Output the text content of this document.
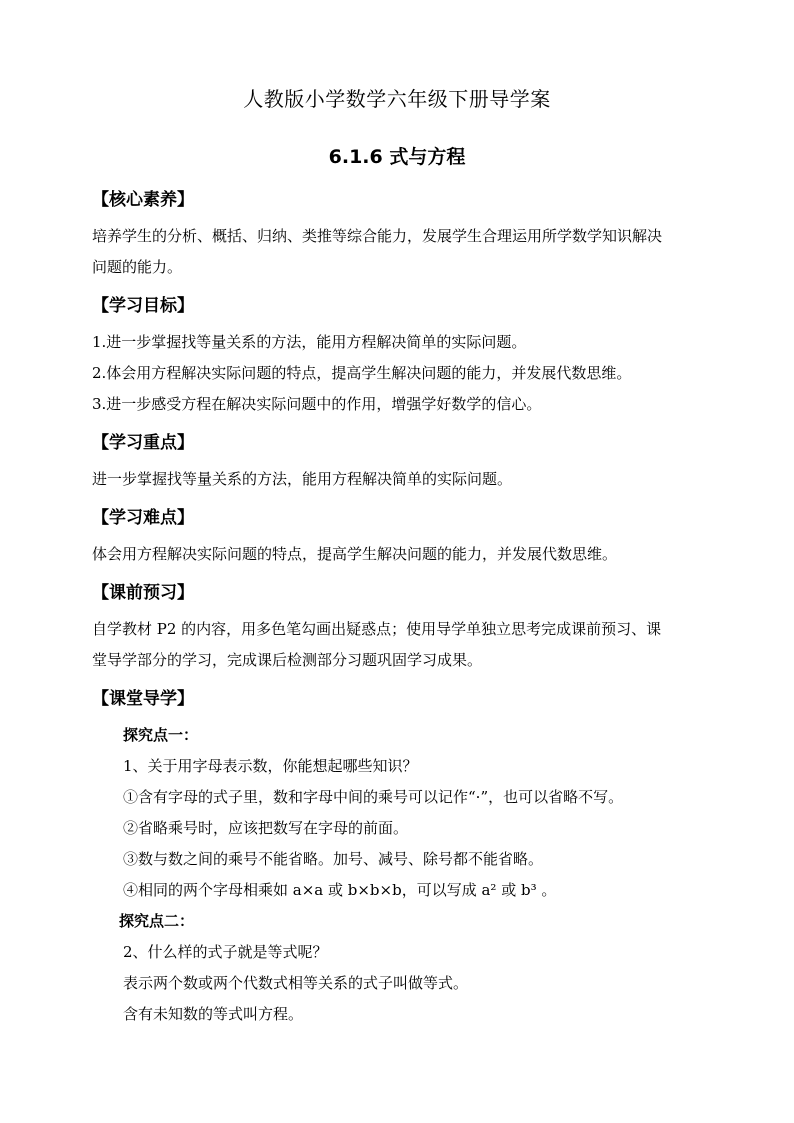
人教版小学数学六年级下册导学案
6.1.6 式与方程
【核心素养】

培养学生的分析、概括、归纳、类推等综合能力，发展学生合理运用所学数学知识解决

问题的能力。

【学习目标】

1.进一步掌握找等量关系的方法，能用方程解决简单的实际问题。

2.体会用方程解决实际问题的特点，提高学生解决问题的能力，并发展代数思维。

3.进一步感受方程在解决实际问题中的作用，增强学好数学的信心。

【学习重点】

进一步掌握找等量关系的方法，能用方程解决简单的实际问题。

【学习难点】

体会用方程解决实际问题的特点，提高学生解决问题的能力，并发展代数思维。

【课前预习】

自学教材 P2 的内容，用多色笔勾画出疑惑点；使用导学单独立思考完成课前预习、课

堂导学部分的学习，完成课后检测部分习题巩固学习成果。

【课堂导学】

探究点一：

1、关于用字母表示数，你能想起哪些知识？

①含有字母的式子里，数和字母中间的乘号可以记作“·”，也可以省略不写。

②省略乘号时，应该把数写在字母的前面。

③数与数之间的乘号不能省略。加号、减号、除号都不能省略。

④相同的两个字母相乘如 a×a 或 b×b×b，可以写成 a² 或 b³ 。

探究点二：

2、什么样的式子就是等式呢？

表示两个数或两个代数式相等关系的式子叫做等式。

含有未知数的等式叫方程。
